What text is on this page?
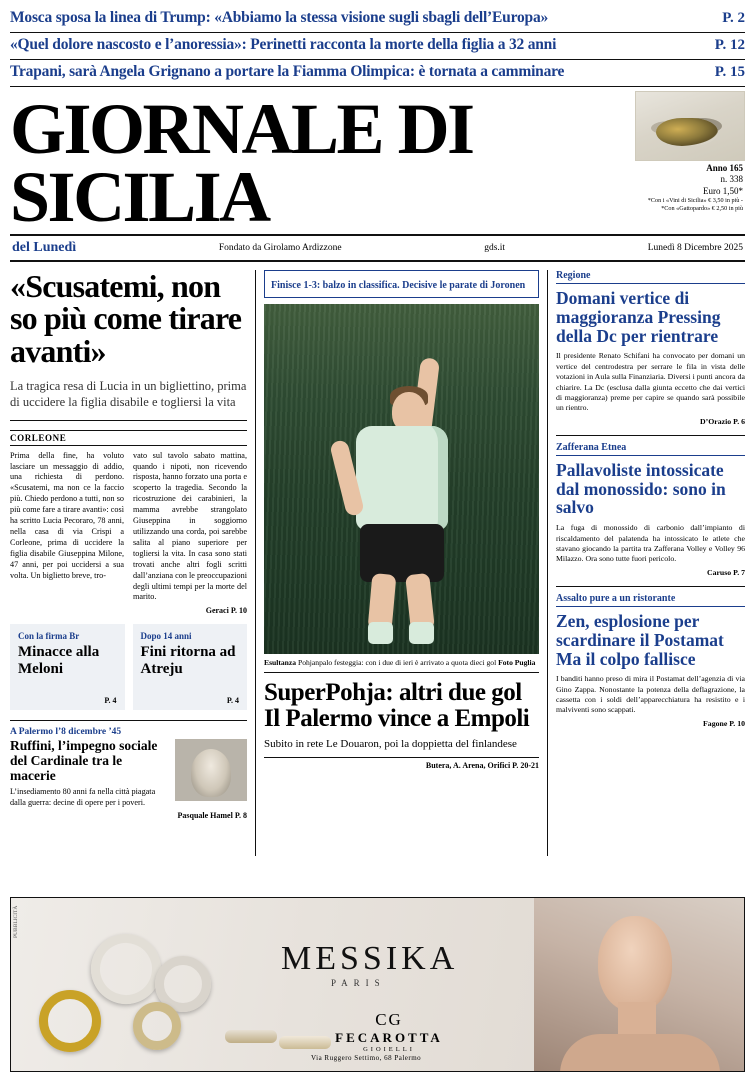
Mosca sposa la linea di Trump: «Abbiamo la stessa visione sugli sbagli dell’Europa»	P. 2
«Quel dolore nascosto e l’anoressia»: Perinetti racconta la morte della figlia a 32 anni	P. 12
Trapani, sarà Angela Grignano a portare la Fiamma Olimpica: è tornata a camminare	P. 15
GIORNALE DI SICILIA	Anno 165
n. 338
Euro 1,50*
*Con i «Vini di Sicilia» € 3,50 in più - *Con «Gattopardo» € 2,50 in più
del Lunedì	Fondato da Girolamo Ardizzone	gds.it	Lunedì 8 Dicembre 2025
«Scusatemi, non so più come tirare avanti»
La tragica resa di Lucia in un bigliettino, prima di uccidere la figlia disabile e togliersi la vita
CORLEONE

Prima della fine, ha voluto lasciare un messaggio di addio, una richiesta di perdono. «Scusatemi, ma non ce la faccio più. Chiedo perdono a tutti, non so più come fare a tirare avanti»: così ha scritto Lucia Pecoraro, 78 anni, nella casa di via Crispi a Corleone, prima di uccidere la figlia disabile Giuseppina Milone, 47 anni, per poi uccidersi a sua volta. Un biglietto breve, tro-

vato sul tavolo sabato mattina, quando i nipoti, non ricevendo risposta, hanno forzato una porta e scoperto la tragedia. Secondo la ricostruzione dei carabinieri, la mamma avrebbe strangolato Giuseppina in soggiorno utilizzando una corda, poi sarebbe salita al piano superiore per togliersi la vita. In casa sono stati trovati anche altri fogli scritti dall’anziana con le preoccupazioni degli ultimi tempi per la morte del marito.

Geraci P. 10
Con la firma Br
Minacce alla Meloni
P. 4
Dopo 14 anni
Fini ritorna ad Atreju
P. 4
A Palermo l’8 dicembre ’45
Ruffini, l’impegno sociale del Cardinale tra le macerie
L’insediamento 80 anni fa nella città piagata dalla guerra: decine di opere per i poveri.
Pasquale Hamel P. 8
Finisce 1-3: balzo in classifica. Decisive le parate di Joronen
Esultanza Pohjanpalo festeggia: con i due di ieri è arrivato a quota dieci gol Foto Puglia
SuperPohja: altri due gol Il Palermo vince a Empoli
Subito in rete Le Douaron, poi la doppietta del finlandese
Butera, A. Arena, Orifici P. 20-21
Regione
Domani vertice di maggioranza Pressing della Dc per rientrare
Il presidente Renato Schifani ha convocato per domani un vertice del centrodestra per serrare le fila in vista delle votazioni in Aula sulla Finanziaria. Diversi i punti ancora da chiarire. La Dc (esclusa dalla giunta eccetto che dai vertici di maggioranza) preme per capire se quando sarà possibile un rientro.
D’Orazio P. 6
Zafferana Etnea
Pallavoliste intossicate dal monossido: sono in salvo
La fuga di monossido di carbonio dall’impianto di riscaldamento del palatenda ha intossicato le atlete che stavano giocando la partita tra Zafferana Volley e Volley 96 Milazzo. Ora sono tutte fuori pericolo.
Caruso P. 7
Assalto pure a un ristorante
Zen, esplosione per scardinare il Postamat Ma il colpo fallisce
I banditi hanno preso di mira il Postamat dell’agenzia di via Gino Zappa. Nonostante la potenza della deflagrazione, la cassetta con i soldi dell’apparecchiatura ha resistito e i malviventi sono scappati.
Fagone P. 10
PUBBLICITÀ
MESSIKA
PARIS
CG
FECAROTTA
GIOIELLI
Via Ruggero Settimo, 68 Palermo
